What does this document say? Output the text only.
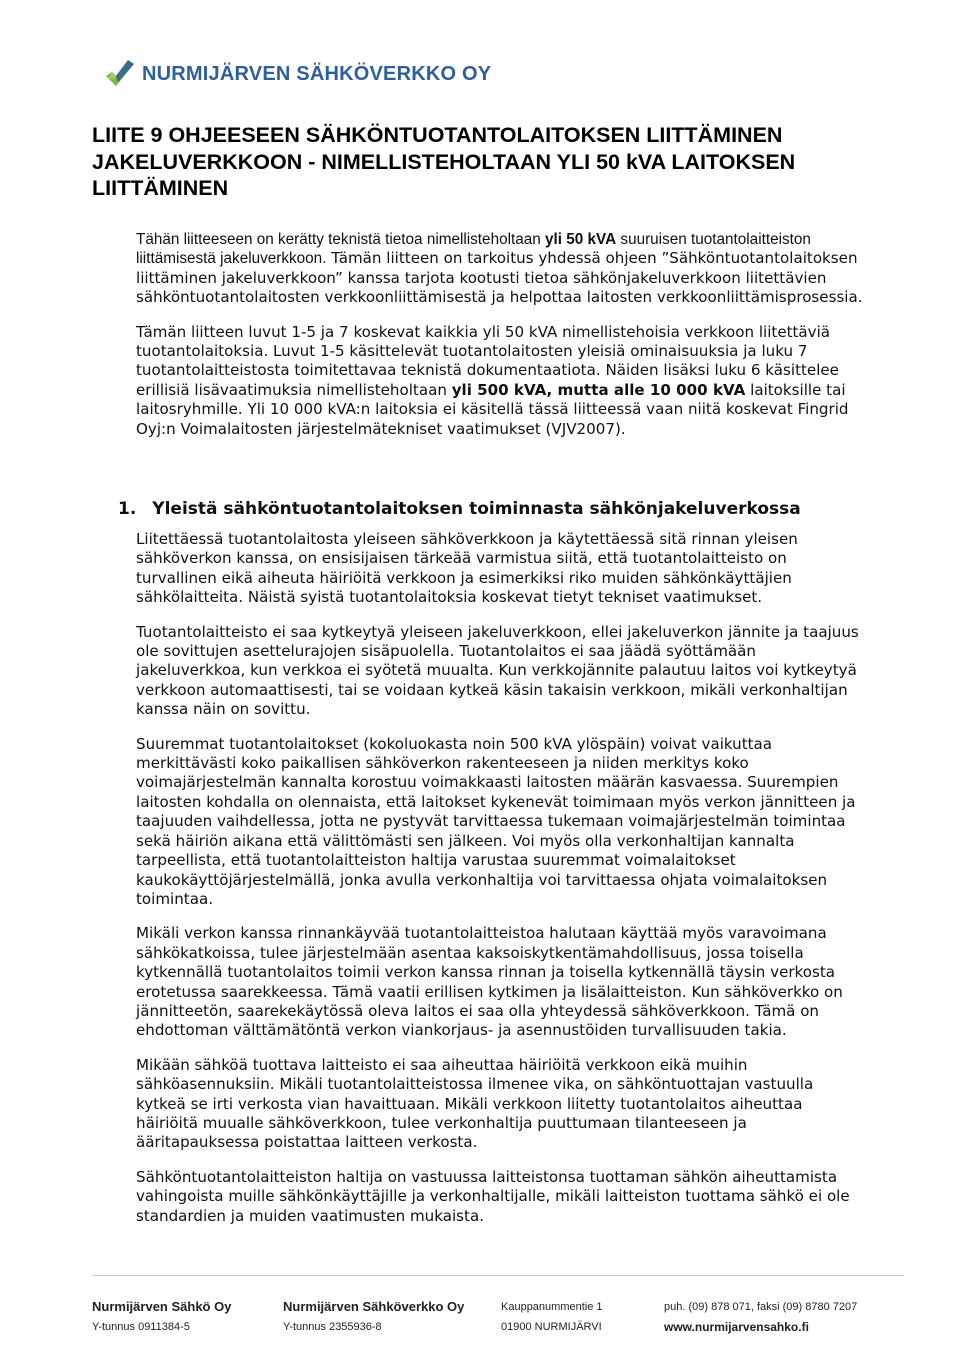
NURMIJÄRVEN SÄHKÖVERKKO OY
LIITE 9 OHJEESEEN SÄHKÖNTUOTANTOLAITOKSEN LIITTÄMINEN
JAKELUVERKKOON - NIMELLISTEHOLTAAN YLI 50 kVA LAITOKSEN
LIITTÄMINEN

Tähän liitteeseen on kerätty teknistä tietoa nimellisteholtaan yli 50 kVA suuruisen tuotantolaitteiston liittämisestä jakeluverkkoon. Tämän liitteen on tarkoitus yhdessä ohjeen ”Sähköntuotantolaitoksen liittäminen jakeluverkkoon” kanssa tarjota kootusti tietoa sähkönjakeluverkkoon liitettävien sähköntuotantolaitosten verkkoonliittämisestä ja helpottaa laitosten verkkoonliittämisprosessia.

Tämän liitteen luvut 1-5 ja 7 koskevat kaikkia yli 50 kVA nimellistehoisia verkkoon liitettäviä tuotantolaitoksia. Luvut 1-5 käsittelevät tuotantolaitosten yleisiä ominaisuuksia ja luku 7 tuotantolaitteistosta toimitettavaa teknistä dokumentaatiota. Näiden lisäksi luku 6 käsittelee erillisiä lisävaatimuksia nimellisteholtaan yli 500 kVA, mutta alle 10 000 kVA laitoksille tai laitosryhmille. Yli 10 000 kVA:n laitoksia ei käsitellä tässä liitteessä vaan niitä koskevat Fingrid Oyj:n Voimalaitosten järjestelmätekniset vaatimukset (VJV2007).

1. Yleistä sähköntuotantolaitoksen toiminnasta sähkönjakeluverkossa

Liitettäessä tuotantolaitosta yleiseen sähköverkkoon ja käytettäessä sitä rinnan yleisen sähköverkon kanssa, on ensisijaisen tärkeää varmistua siitä, että tuotantolaitteisto on turvallinen eikä aiheuta häiriöitä verkkoon ja esimerkiksi riko muiden sähkönkäyttäjien sähkölaitteita. Näistä syistä tuotantolaitoksia koskevat tietyt tekniset vaatimukset.

Tuotantolaitteisto ei saa kytkeytyä yleiseen jakeluverkkoon, ellei jakeluverkon jännite ja taajuus ole sovittujen asettelurajojen sisäpuolella. Tuotantolaitos ei saa jäädä syöttämään jakeluverkkoa, kun verkkoa ei syötetä muualta. Kun verkkojännite palautuu laitos voi kytkeytyä verkkoon automaattisesti, tai se voidaan kytkeä käsin takaisin verkkoon, mikäli verkonhaltijan kanssa näin on sovittu.

Suuremmat tuotantolaitokset (kokoluokasta noin 500 kVA ylöspäin) voivat vaikuttaa merkittävästi koko paikallisen sähköverkon rakenteeseen ja niiden merkitys koko voimajärjestelmän kannalta korostuu voimakkaasti laitosten määrän kasvaessa. Suurempien laitosten kohdalla on olennaista, että laitokset kykenevät toimimaan myös verkon jännitteen ja taajuuden vaihdellessa, jotta ne pystyvät tarvittaessa tukemaan voimajärjestelmän toimintaa sekä häiriön aikana että välittömästi sen jälkeen. Voi myös olla verkonhaltijan kannalta tarpeellista, että tuotantolaitteiston haltija varustaa suuremmat voimalaitokset kaukokäyttöjärjestelmällä, jonka avulla verkonhaltija voi tarvittaessa ohjata voimalaitoksen toimintaa.

Mikäli verkon kanssa rinnankäyvää tuotantolaitteistoa halutaan käyttää myös varavoimana sähkökatkoissa, tulee järjestelmään asentaa kaksoiskytkentämahdollisuus, jossa toisella kytkennällä tuotantolaitos toimii verkon kanssa rinnan ja toisella kytkennällä täysin verkosta erotetussa saarekkeessa. Tämä vaatii erillisen kytkimen ja lisälaitteiston. Kun sähköverkko on jännitteetön, saarekekäytössä oleva laitos ei saa olla yhteydessä sähköverkkoon. Tämä on ehdottoman välttämätöntä verkon viankorjaus- ja asennustöiden turvallisuuden takia.

Mikään sähköä tuottava laitteisto ei saa aiheuttaa häiriöitä verkkoon eikä muihin sähköasennuksiin. Mikäli tuotantolaitteistossa ilmenee vika, on sähköntuottajan vastuulla kytkeä se irti verkosta vian havaittuaan. Mikäli verkkoon liitetty tuotantolaitos aiheuttaa häiriöitä muualle sähköverkkoon, tulee verkonhaltija puuttumaan tilanteeseen ja ääritapauksessa poistattaa laitteen verkosta.

Sähköntuotantolaitteiston haltija on vastuussa laitteistonsa tuottaman sähkön aiheuttamista vahingoista muille sähkönkäyttäjille ja verkonhaltijalle, mikäli laitteiston tuottama sähkö ei ole standardien ja muiden vaatimusten mukaista.

Nurmijärven Sähkö Oy
Y-tunnus 0911384-5
Nurmijärven Sähköverkko Oy
Y-tunnus 2355936-8
Kauppanummentie 1
01900 NURMIJÄRVI
puh. (09) 878 071, faksi (09) 8780 7207
www.nurmijarvensahko.fi
